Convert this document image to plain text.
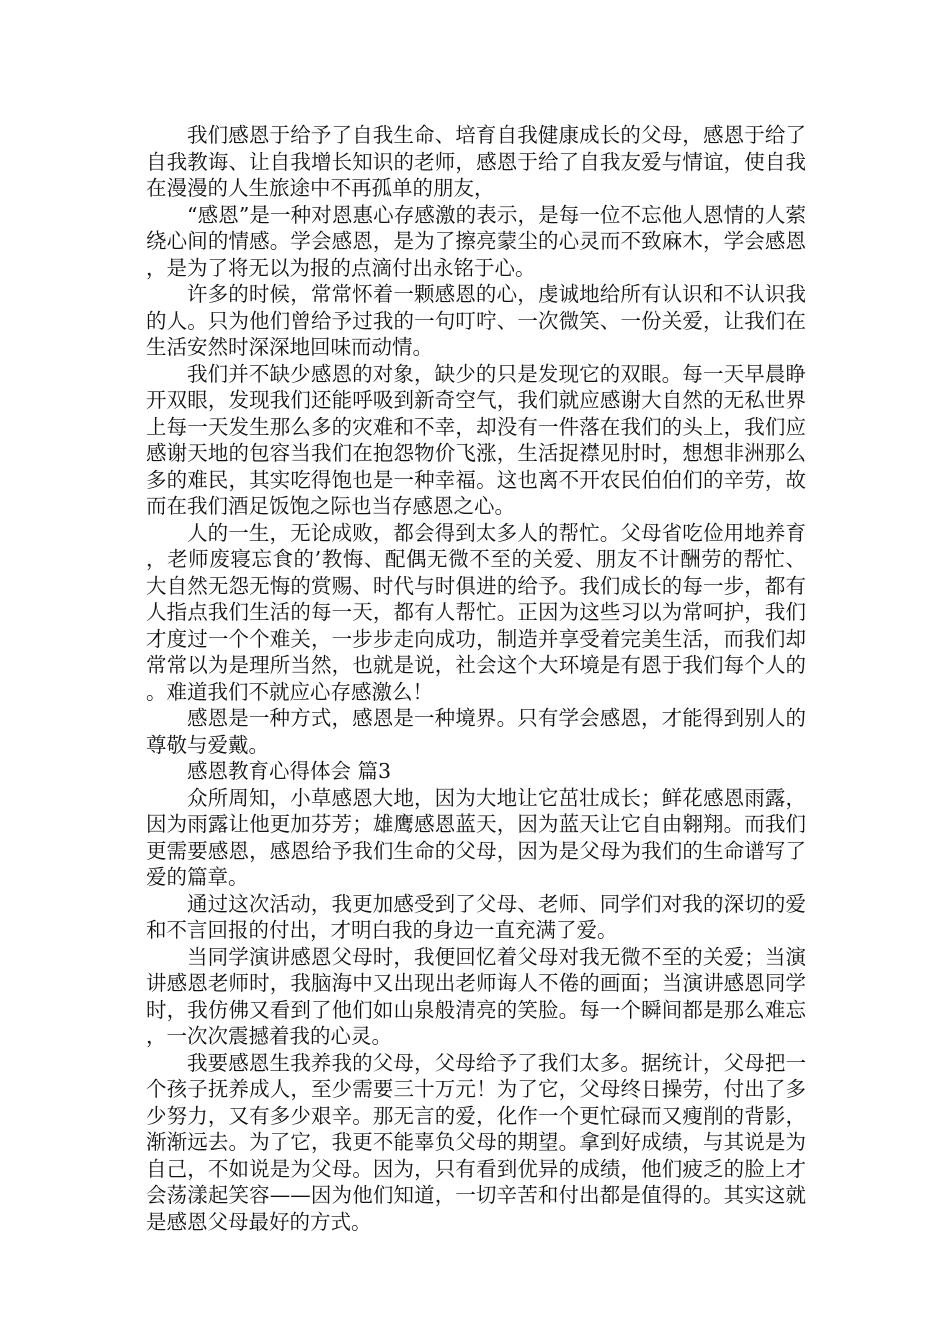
我们感恩于给予了自我生命、培育自我健康成长的父母，感恩于给了自我教诲、让自我增长知识的老师，感恩于给了自我友爱与情谊，使自我在漫漫的人生旅途中不再孤单的朋友，

“感恩”是一种对恩惠心存感激的表示，是每一位不忘他人恩情的人萦绕心间的情感。学会感恩，是为了擦亮蒙尘的心灵而不致麻木，学会感恩，是为了将无以为报的点滴付出永铭于心。

许多的时候，常常怀着一颗感恩的心，虔诚地给所有认识和不认识我的人。只为他们曾给予过我的一句叮咛、一次微笑、一份关爱，让我们在生活安然时深深地回味而动情。

我们并不缺少感恩的对象，缺少的只是发现它的双眼。每一天早晨睁开双眼，发现我们还能呼吸到新奇空气，我们就应感谢大自然的无私世界上每一天发生那么多的灾难和不幸，却没有一件落在我们的头上，我们应感谢天地的包容当我们在抱怨物价飞涨，生活捉襟见肘时，想想非洲那么多的难民，其实吃得饱也是一种幸福。这也离不开农民伯伯们的辛劳，故而在我们酒足饭饱之际也当存感恩之心。

人的一生，无论成败，都会得到太多人的帮忙。父母省吃俭用地养育，老师废寝忘食的’教悔、配偶无微不至的关爱、朋友不计酬劳的帮忙、大自然无怨无悔的赏赐、时代与时俱进的给予。我们成长的每一步，都有人指点我们生活的每一天，都有人帮忙。正因为这些习以为常呵护，我们才度过一个个难关，一步步走向成功，制造并享受着完美生活，而我们却常常以为是理所当然，也就是说，社会这个大环境是有恩于我们每个人的。难道我们不就应心存感激么！

感恩是一种方式，感恩是一种境界。只有学会感恩，才能得到别人的尊敬与爱戴。

感恩教育心得体会 篇3

众所周知，小草感恩大地，因为大地让它茁壮成长；鲜花感恩雨露，因为雨露让他更加芬芳；雄鹰感恩蓝天，因为蓝天让它自由翱翔。而我们更需要感恩，感恩给予我们生命的父母，因为是父母为我们的生命谱写了爱的篇章。

通过这次活动，我更加感受到了父母、老师、同学们对我的深切的爱和不言回报的付出，才明白我的身边一直充满了爱。

当同学演讲感恩父母时，我便回忆着父母对我无微不至的关爱；当演讲感恩老师时，我脑海中又出现出老师诲人不倦的画面；当演讲感恩同学时，我仿佛又看到了他们如山泉般清亮的笑脸。每一个瞬间都是那么难忘，一次次震撼着我的心灵。

我要感恩生我养我的父母，父母给予了我们太多。据统计，父母把一个孩子抚养成人，至少需要三十万元！为了它，父母终日操劳，付出了多少努力，又有多少艰辛。那无言的爱，化作一个更忙碌而又瘦削的背影，渐渐远去。为了它，我更不能辜负父母的期望。拿到好成绩，与其说是为自己，不如说是为父母。因为，只有看到优异的成绩，他们疲乏的脸上才会荡漾起笑容——因为他们知道，一切辛苦和付出都是值得的。其实这就是感恩父母最好的方式。
